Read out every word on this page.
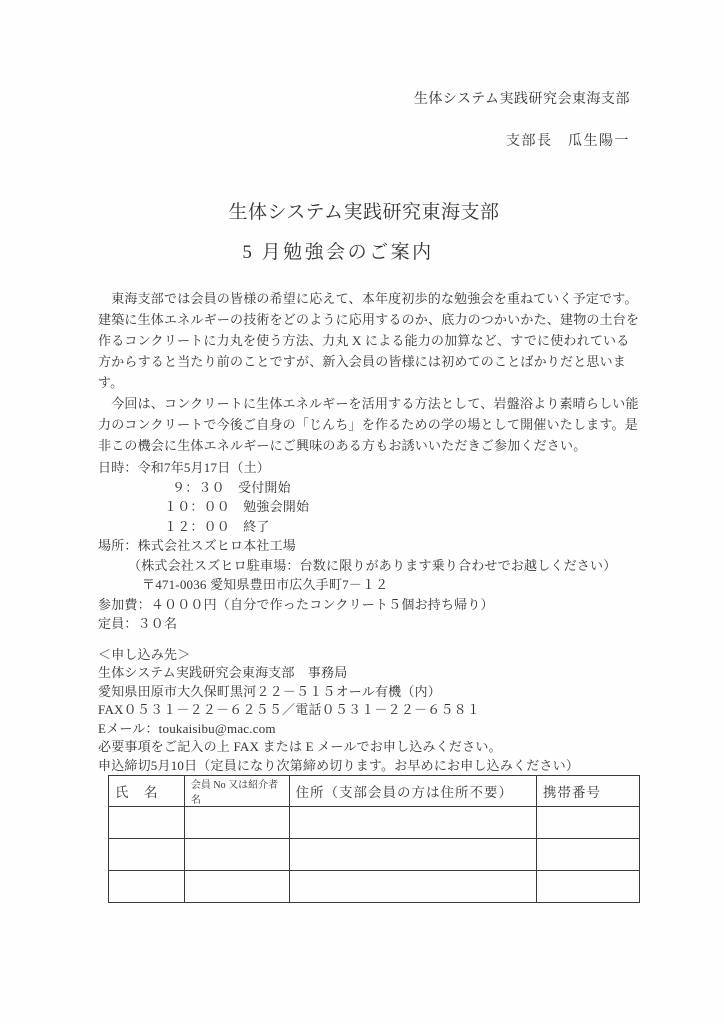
生体システム実践研究会東海支部
支部長　瓜生陽一
生体システム実践研究東海支部
5 月勉強会のご案内
　東海支部では会員の皆様の希望に応えて、本年度初歩的な勉強会を重ねていく予定です。
建築に生体エネルギーの技術をどのように応用するのか、底力のつかいかた、建物の土台を
作るコンクリートに力丸を使う方法、力丸 X による能力の加算など、すでに使われている
方からすると当たり前のことですが、新入会員の皆様には初めてのことばかりだと思いま
す。
　今回は、コンクリートに生体エネルギーを活用する方法として、岩盤浴より素晴らしい能
力のコンクリートで今後ご自身の「じんち」を作るための学の場として開催いたします。是
非この機会に生体エネルギーにご興味のある方もお誘いいただきご参加ください。
日時：令和7年5月17日（土）
９：３０　受付開始
１０：００　勉強会開始
１２：００　終了
場所：株式会社スズヒロ本社工場
（株式会社スズヒロ駐車場：台数に限りがあります乗り合わせでお越しください）
〒471-0036 愛知県豊田市広久手町7－１２
参加費：４０００円（自分で作ったコンクリート５個お持ち帰り）
定員：３０名
＜申し込み先＞
生体システム実践研究会東海支部　事務局
愛知県田原市大久保町黒河２２－５１５オール有機（内）
FAX０５３１－２２－６２５５／電話０５３１－２２－６５８１
Eメール：toukaisibu@mac.com
必要事項をご記入の上 FAX または E メールでお申し込みください。
申込締切5月10日（定員になり次第締め切ります。お早めにお申し込みください）
氏　名	会員 No 又は紹介者名	住所（支部会員の方は住所不要）	携帯番号
